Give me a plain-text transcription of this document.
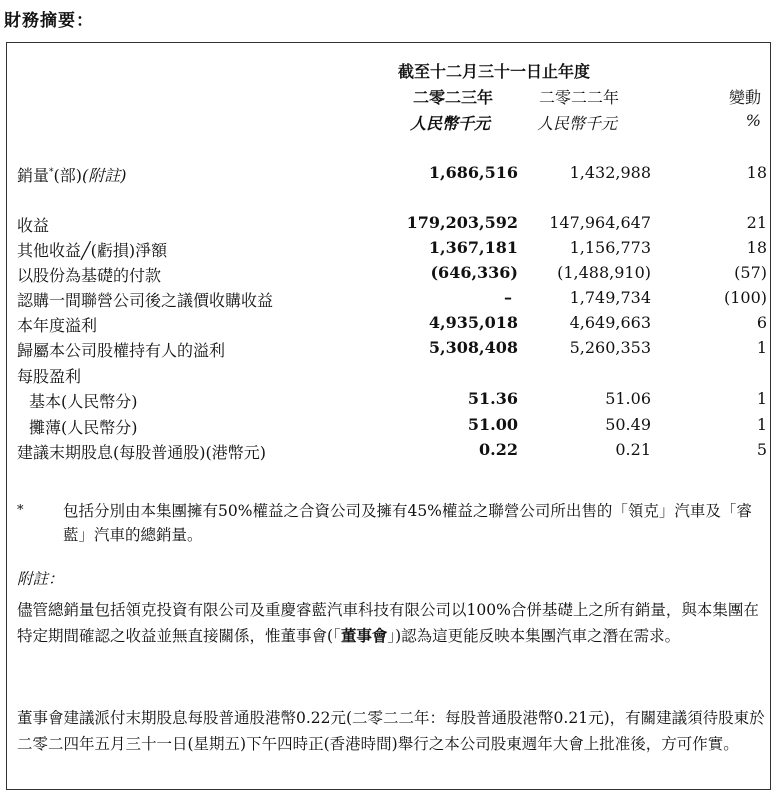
財務摘要：
截至十二月三十一日止年度
二零二三年	二零二二年	變動
人民幣千元	人民幣千元	%
銷量*(部)(附註)	1,686,516	1,432,988	18
收益	179,203,592 147,964,647	21
其他收益╱(虧損)淨額	1,367,181	1,156,773	18
以股份為基礎的付款	(646,336) (1,488,910)	(57)
認購一間聯營公司後之議價收購收益	–	1,749,734	(100)
本年度溢利	4,935,018	4,649,663	6
歸屬本公司股權持有人的溢利	5,308,408	5,260,353	1
每股盈利
基本(人民幣分)	51.36	51.06	1
攤薄(人民幣分)	51.00	50.49	1
建議末期股息(每股普通股)(港幣元)	0.22	0.21	5
*	包括分別由本集團擁有50%權益之合資公司及擁有45%權益之聯營公司所出售的「領克」汽車及「睿藍」汽車的總銷量。
附註：
儘管總銷量包括領克投資有限公司及重慶睿藍汽車科技有限公司以100%合併基礎上之所有銷量，與本集團在特定期間確認之收益並無直接關係，惟董事會(「董事會」)認為這更能反映本集團汽車之潛在需求。
董事會建議派付末期股息每股普通股港幣0.22元(二零二二年：每股普通股港幣0.21元)，有關建議須待股東於二零二四年五月三十一日(星期五)下午四時正(香港時間)舉行之本公司股東週年大會上批准後，方可作實。
